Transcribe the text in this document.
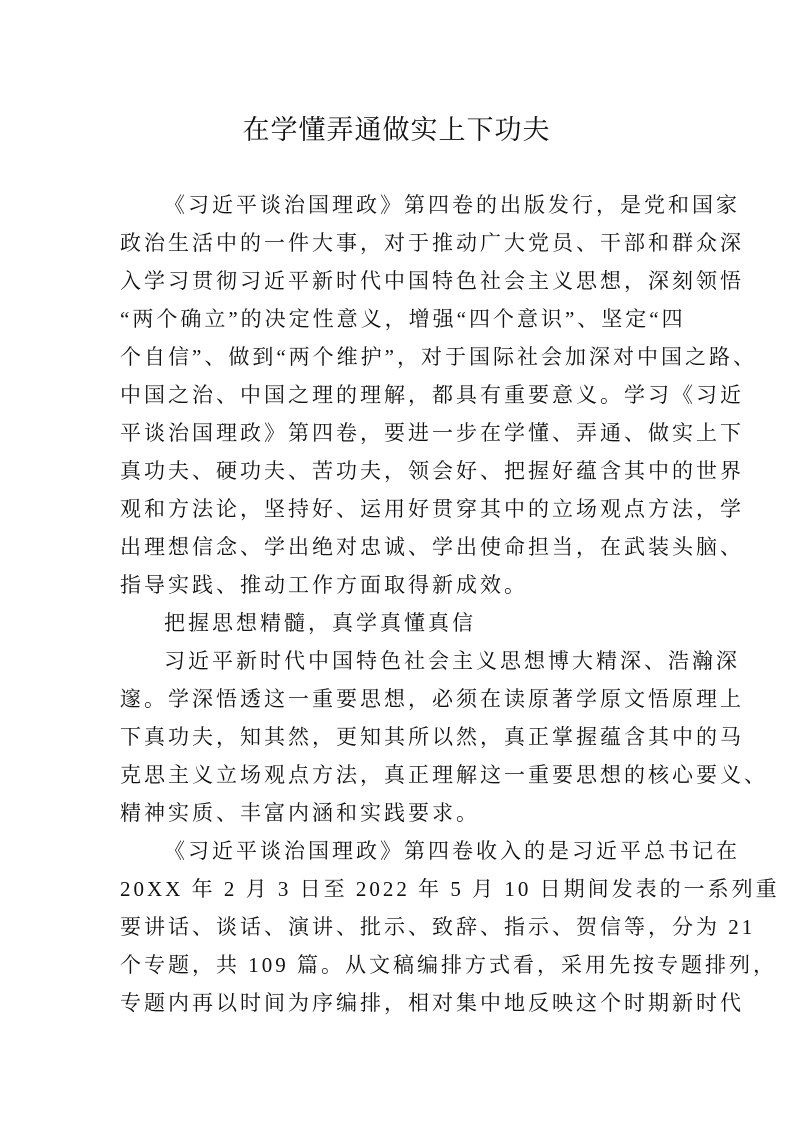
在学懂弄通做实上下功夫
《习近平谈治国理政》第四卷的出版发行，是党和国家
政治生活中的一件大事，对于推动广大党员、干部和群众深
入学习贯彻习近平新时代中国特色社会主义思想，深刻领悟
“两个确立”的决定性意义，增强“四个意识”、坚定“四
个自信”、做到“两个维护”，对于国际社会加深对中国之路、
中国之治、中国之理的理解，都具有重要意义。学习《习近
平谈治国理政》第四卷，要进一步在学懂、弄通、做实上下
真功夫、硬功夫、苦功夫，领会好、把握好蕴含其中的世界
观和方法论，坚持好、运用好贯穿其中的立场观点方法，学
出理想信念、学出绝对忠诚、学出使命担当，在武装头脑、
指导实践、推动工作方面取得新成效。
把握思想精髓，真学真懂真信
习近平新时代中国特色社会主义思想博大精深、浩瀚深
邃。学深悟透这一重要思想，必须在读原著学原文悟原理上
下真功夫，知其然，更知其所以然，真正掌握蕴含其中的马
克思主义立场观点方法，真正理解这一重要思想的核心要义、
精神实质、丰富内涵和实践要求。
《习近平谈治国理政》第四卷收入的是习近平总书记在
20XX 年 2 月 3 日至 2022 年 5 月 10 日期间发表的一系列重
要讲话、谈话、演讲、批示、致辞、指示、贺信等，分为 21
个专题，共 109 篇。从文稿编排方式看，采用先按专题排列，
专题内再以时间为序编排，相对集中地反映这个时期新时代
